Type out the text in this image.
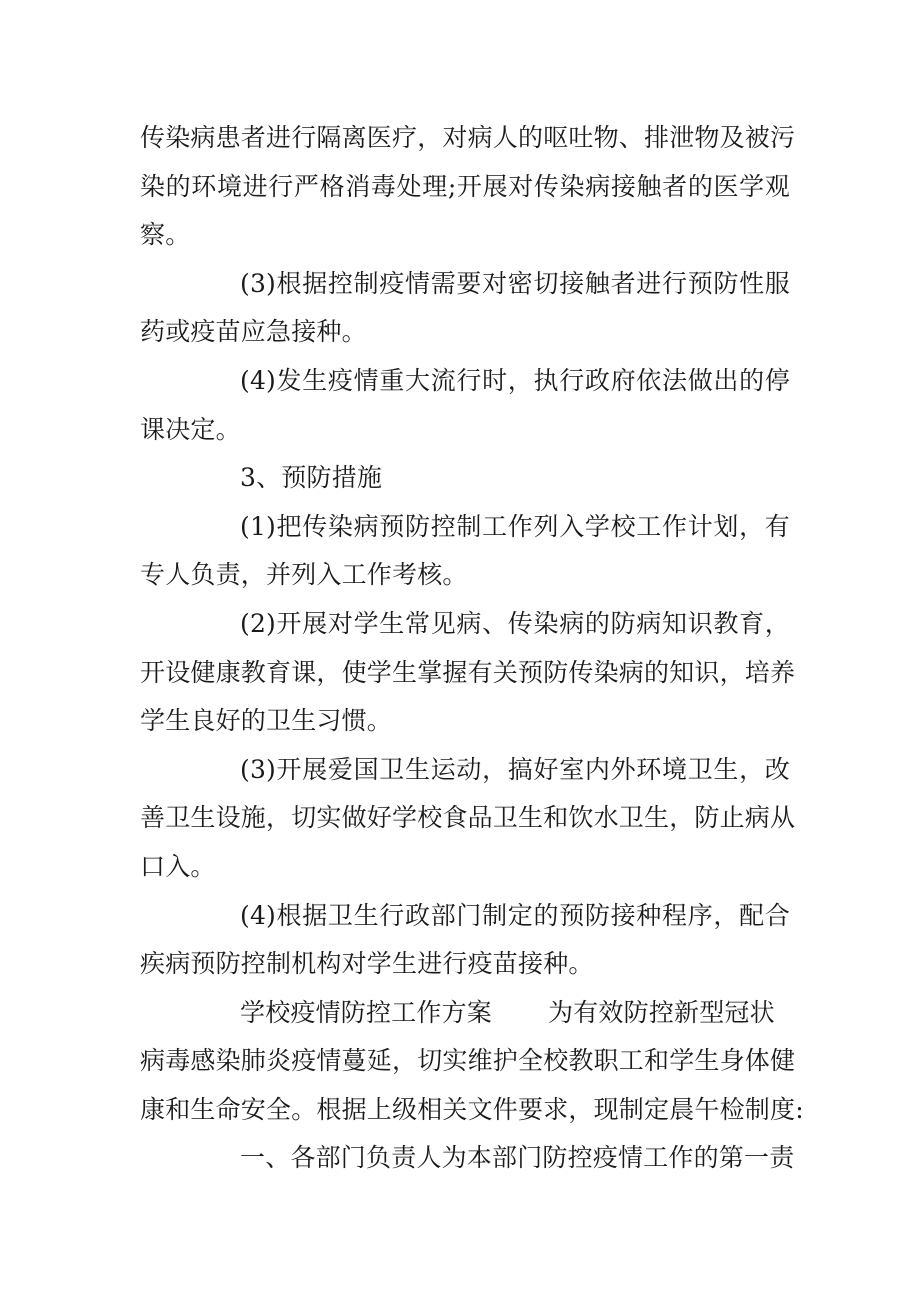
传染病患者进行隔离医疗，对病人的呕吐物、排泄物及被污
染的环境进行严格消毒处理;开展对传染病接触者的医学观
察。
(3)根据控制疫情需要对密切接触者进行预防性服
药或疫苗应急接种。
(4)发生疫情重大流行时，执行政府依法做出的停
课决定。
3、预防措施
(1)把传染病预防控制工作列入学校工作计划，有
专人负责，并列入工作考核。
(2)开展对学生常见病、传染病的防病知识教育，
开设健康教育课，使学生掌握有关预防传染病的知识，培养
学生良好的卫生习惯。
(3)开展爱国卫生运动，搞好室内外环境卫生，改
善卫生设施，切实做好学校食品卫生和饮水卫生，防止病从
口入。
(4)根据卫生行政部门制定的预防接种程序，配合
疾病预防控制机构对学生进行疫苗接种。
学校疫情防控工作方案 为有效防控新型冠状
病毒感染肺炎疫情蔓延，切实维护全校教职工和学生身体健
康和生命安全。根据上级相关文件要求，现制定晨午检制度:
一、各部门负责人为本部门防控疫情工作的第一责
